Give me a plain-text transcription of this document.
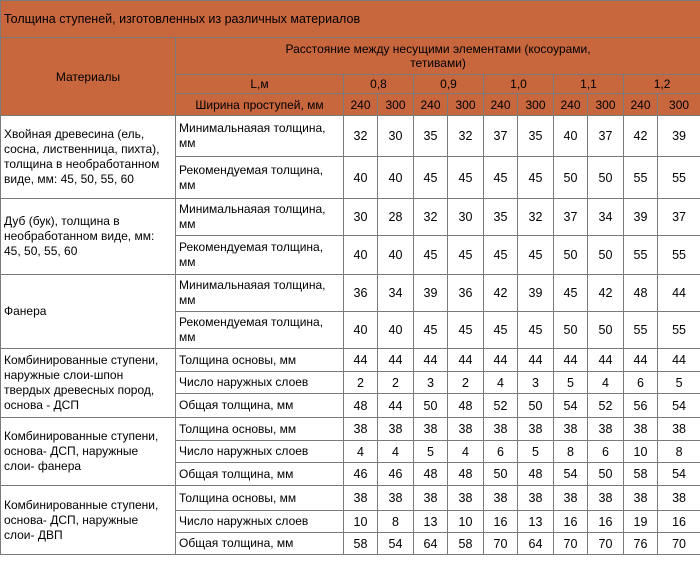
Толщина ступеней, изготовленных из различных материалов											
Материалы	Расстояние между несущими элементами (косоурами, тетивами)										
	L,м	0,8		0,9		1,0		1,1		1,2	
	Ширина проступей, мм	240	300	240	300	240	300	240	300	240	300
Хвойная древесина (ель, сосна, лиственница, пихта), толщина в необработанном виде, мм: 45, 50, 55, 60	Минимальнаяая толщина, мм	32	30	35	32	37	35	40	37	42	39
	Рекомендуемая толщина, мм	40	40	45	45	45	45	50	50	55	55
Дуб (бук), толщина в необработанном виде, мм: 45, 50, 55, 60	Минимальнаяая толщина, мм	30	28	32	30	35	32	37	34	39	37
	Рекомендуемая толщина, мм	40	40	45	45	45	45	50	50	55	55
Фанера	Минимальнаяая толщина, мм	36	34	39	36	42	39	45	42	48	44
	Рекомендуемая толщина, мм	40	40	45	45	45	45	50	50	55	55
Комбинированные ступени, наружные слои-шпон твердых древесных пород, основа - ДСП	Толщина основы, мм	44	44	44	44	44	44	44	44	44	44
	Число наружных слоев	2	2	3	2	4	3	5	4	6	5
	Общая толщина, мм	48	44	50	48	52	50	54	52	56	54
Комбинированные ступени, основа- ДСП, наружные слои- фанера	Толщина основы, мм	38	38	38	38	38	38	38	38	38	38
	Число наружных слоев	4	4	5	4	6	5	8	6	10	8
	Общая толщина, мм	46	46	48	48	50	48	54	50	58	54
Комбинированные ступени, основа- ДСП, наружные слои- ДВП	Толщина основы, мм	38	38	38	38	38	38	38	38	38	38
	Число наружных слоев	10	8	13	10	16	13	16	16	19	16
	Общая толщина, мм	58	54	64	58	70	64	70	70	76	70
